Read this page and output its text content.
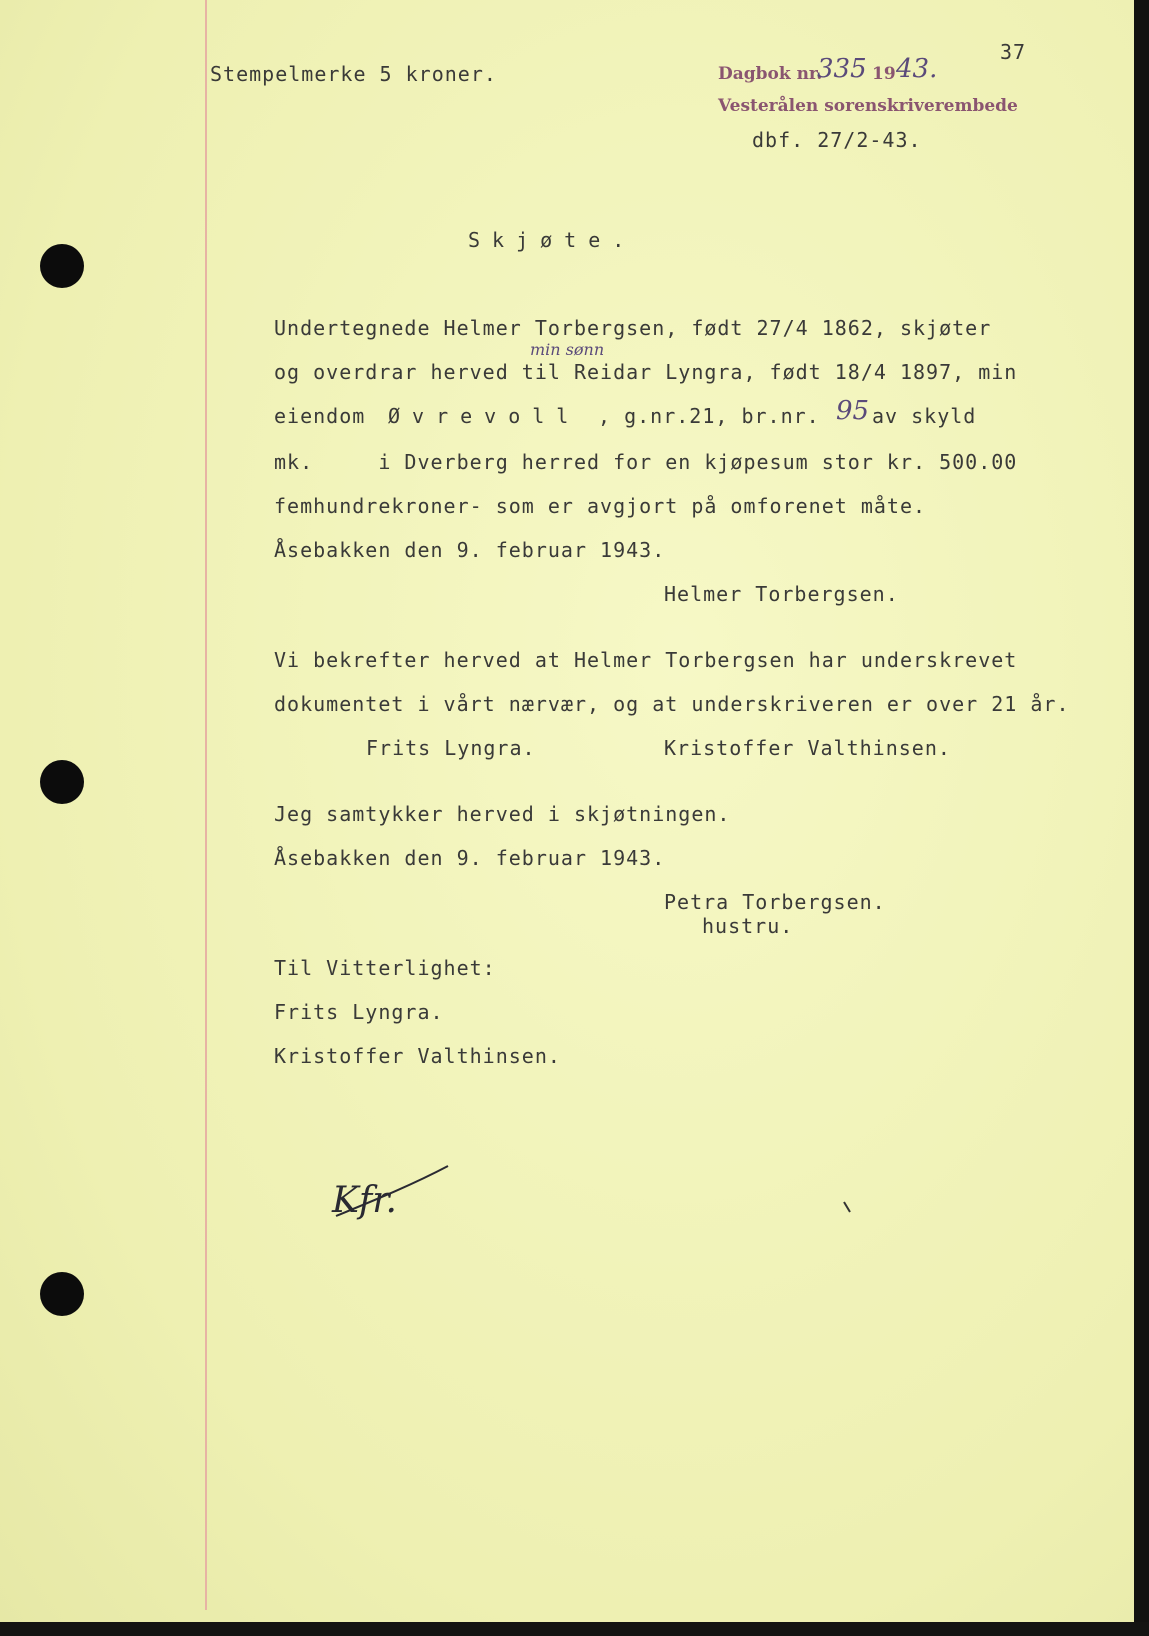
Stempelmerke 5 kroner.
37
Dagbok nr.
335 19 43.
Vesterålen sorenskriverembede
dbf. 27/2-43.
Skjøte.
Undertegnede Helmer Torbergsen, født 27/4 1862, skjøter
min sønn
og overdrar herved til Reidar Lyngra, født 18/4 1897, min
eiendom Øvrevoll , g.nr.21, br.nr. 95 av skyld
mk.     i Dverberg herred for en kjøpesum stor kr. 500.00
femhundrekroner- som er avgjort på omforenet måte.
Åsebakken den 9. februar 1943.
Helmer Torbergsen.
Vi bekrefter herved at Helmer Torbergsen har underskrevet
dokumentet i vårt nærvær, og at underskriveren er over 21 år.
Frits Lyngra.	Kristoffer Valthinsen.
Jeg samtykker herved i skjøtningen.
Åsebakken den 9. februar 1943.
Petra Torbergsen.
hustru.
Til Vitterlighet:
Frits Lyngra.
Kristoffer Valthinsen.
Kfr.
